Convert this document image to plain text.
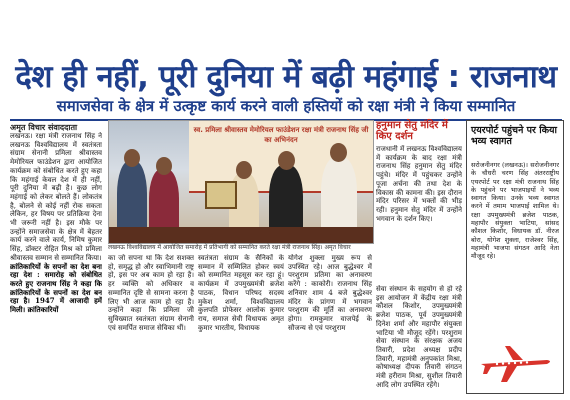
देश ही नहीं, पूरी दुनिया में बढ़ी महंगाई : राजनाथ
समाजसेवा के क्षेत्र में उत्कृष्ट कार्य करने वाली हस्तियों को रक्षा मंत्री ने किया सम्मानित
अमृत विचार संवाददाता
लखनऊ। रक्षा मंत्री राजनाथ सिंह ने लखनऊ विश्वविद्यालय में स्वतंत्रता संग्राम सेनानी प्रमिला श्रीवास्तव मेमोरियल फाउंडेशन द्वारा आयोजित कार्यक्रम को संबोधित करते हुए कहा कि महंगाई केवल देश में ही नहीं, पूरी दुनिया में बढ़ी है। कुछ लोग महंगाई को लेकर बोलते हैं। लोकतंत्र है, बोलने से कोई नहीं रोक सकता लेकिन, हर विषय पर प्रतिक्रिया देना भी जरूरी नहीं है। इस मौके पर उन्होंने समाजसेवा के क्षेत्र में बेहतर कार्य करने वाले कार्य, निमिष कुमार सिंह, डॉक्टर रोहित मिश्र को प्रमिला श्रीवास्तव सम्मान से सम्मानित किया।
क्रांतिकारियों के सपनों का देश बना रहा देश : समारोह को संबोधित करते हुए राजनाथ सिंह ने कहा कि क्रांतिकारियों के सपनों का देश बन रहा है। 1947 में आजादी हमें मिली। क्रांतिकारियों
स्व. प्रमिला श्रीवास्तव मेमोरियल फाउंडेशन रक्षा मंत्री राजनाथ सिंह जी का अभिनंदन
लखनऊ विश्वविद्यालय में आयोजित समारोह में प्रतिभागी को सम्मानित करते रक्षा मंत्री राजनाथ सिंह। अमृत विचार
का जो सपना था कि देश सशक्त हो, समृद्ध हो और स्वाभिमानी राष्ट्र हो, इस पर अब काम हो रहा है। हर व्यक्ति को अधिकार व सम्मानित दृष्टि से सामना करना है लिए भी आज काम हो रहा है। उन्होंने कहा कि प्रमिला जी सुविख्यात स्वतंत्रता संग्राम सेनानी एवं समर्पित समाज सेविका थीं।
स्वतंत्रता संग्राम के सैनिकों के सम्मान में सम्मिलित होकर स्वयं को सम्मानित महसूस कर रहा हूं। कार्यक्रम में उपमुख्यमंत्री ब्रजेश पाठक, विधान परिषद सदस्य मुकेश शर्मा, विश्वविद्यालय कुलपति प्रोफेसर आलोक कुमार राय, समाज सेवी विधायक अमृत कुमार भारतीय, विधायक
योगेश शुक्ला मुख्य रूप से उपस्थित रहे। आज बुद्धेश्वर में परशुराम प्रतिमा का अनावरण करेंगे : काकोरी। राजनाथ सिंह शनिवार शाम 4 बजे बुद्धेश्वर मंदिर के प्रांगण में भगवान परशुराम की मूर्ति का अनावरण होगा। रामकुमार वाजपेई के सौजन्य से एवं परशुराम
हनुमान सेतु मंदिर में किए दर्शन
राजधानी में लखनऊ विश्वविद्यालय में कार्यक्रम के बाद रक्षा मंत्री राजनाथ सिंह हनुमान सेतु मंदिर पहुंचे। मंदिर में पहुंचकर उन्होंने पूजा अर्चना की तथा देश के विकास की कामना की। इस दौरान मंदिर परिसर में भक्तों की भीड़ रही। हनुमान सेतु मंदिर में उन्होंने भगवान के दर्शन किए।
सेवा संस्थान के सहयोग से हो रहे इस आयोजन में केंद्रीय रक्षा मंत्री कौशल किशोर, उपमुख्यमंत्री ब्रजेश पाठक, पूर्व उपमुख्यमंत्री दिनेश शर्मा और महापौर संयुक्ता भाटिया भी मौजूद रहेंगे। परशुराम सेवा संस्थान के संरक्षक अजय तिवारी, प्रदेश अध्यक्ष प्रदीप तिवारी, महामंत्री अनुपकांत मिश्रा, कोषाध्यक्ष दीपक तिवारी संगठन मंत्री हरीराम मिश्रा, सुशील तिवारी आदि लोग उपस्थित रहेंगे।
एयरपोर्ट पहुंचने पर किया भव्य स्वागत
सरोजनीनगर (लखनऊ)। सरोजनीनगर के चौधरी चरण सिंह अंतरराष्ट्रीय एयरपोर्ट पर रक्षा मंत्री राजनाथ सिंह के पहुंचने पर भाजपाइयों ने भव्य स्वागत किया। उनके भव्य स्वागत करने में तमाम भाजपाई शामिल थे। रक्षा उपमुख्यमंत्री ब्रजेश पाठक, महापौर संयुक्ता भाटिया, सांसद कौशल किशोर, विधायक डॉ. नीरज बोरा, योगेश शुक्ला, राजेश्वर सिंह, महामंत्री भाजपा संगठन आदि नेता मौजूद रहे।
